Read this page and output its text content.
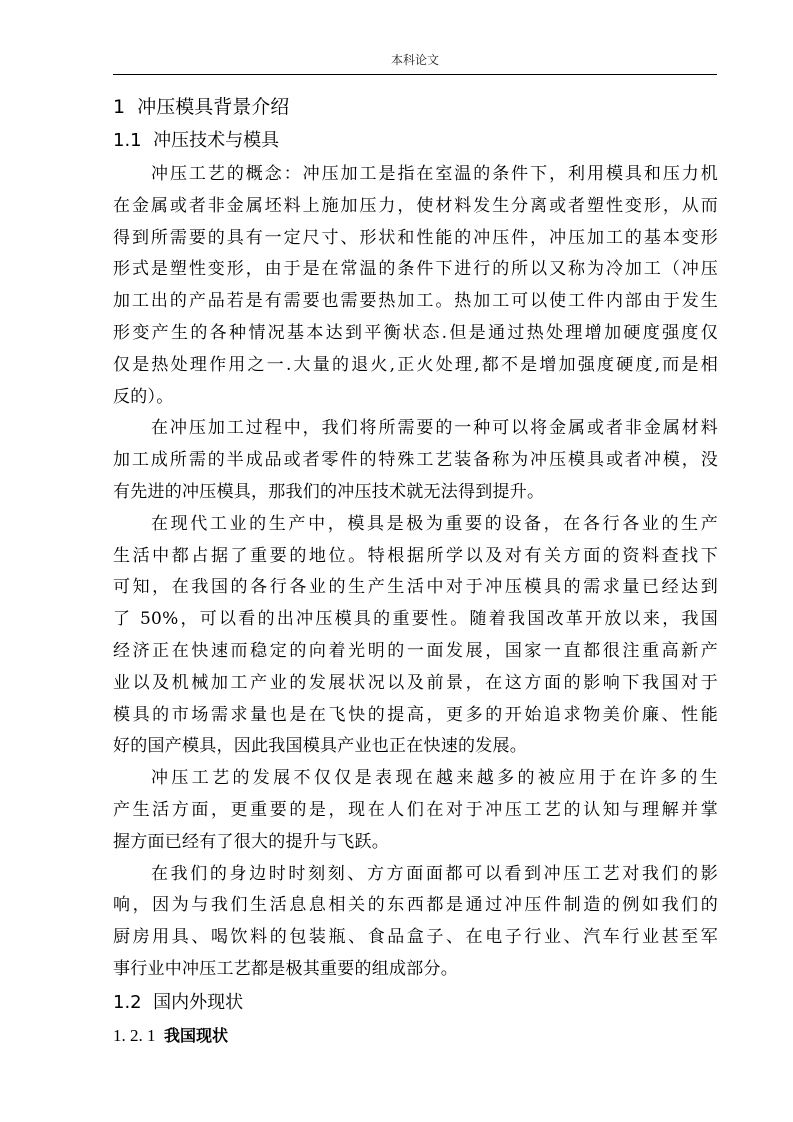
本科论文
1 冲压模具背景介绍
1.1 冲压技术与模具
冲压工艺的概念：冲压加工是指在室温的条件下，利用模具和压力机
在金属或者非金属坯料上施加压力，使材料发生分离或者塑性变形，从而
得到所需要的具有一定尺寸、形状和性能的冲压件，冲压加工的基本变形
形式是塑性变形，由于是在常温的条件下进行的所以又称为冷加工（冲压
加工出的产品若是有需要也需要热加工。热加工可以使工件内部由于发生
形变产生的各种情况基本达到平衡状态.但是通过热处理增加硬度强度仅
仅是热处理作用之一.大量的退火,正火处理,都不是增加强度硬度,而是相
反的）。
在冲压加工过程中，我们将所需要的一种可以将金属或者非金属材料
加工成所需的半成品或者零件的特殊工艺装备称为冲压模具或者冲模，没
有先进的冲压模具，那我们的冲压技术就无法得到提升。
在现代工业的生产中，模具是极为重要的设备，在各行各业的生产
生活中都占据了重要的地位。特根据所学以及对有关方面的资料查找下
可知，在我国的各行各业的生产生活中对于冲压模具的需求量已经达到
了 50%，可以看的出冲压模具的重要性。随着我国改革开放以来，我国
经济正在快速而稳定的向着光明的一面发展，国家一直都很注重高新产
业以及机械加工产业的发展状况以及前景，在这方面的影响下我国对于
模具的市场需求量也是在飞快的提高，更多的开始追求物美价廉、性能
好的国产模具，因此我国模具产业也正在快速的发展。
冲压工艺的发展不仅仅是表现在越来越多的被应用于在许多的生
产生活方面，更重要的是，现在人们在对于冲压工艺的认知与理解并掌
握方面已经有了很大的提升与飞跃。
在我们的身边时时刻刻、方方面面都可以看到冲压工艺对我们的影
响，因为与我们生活息息相关的东西都是通过冲压件制造的例如我们的
厨房用具、喝饮料的包装瓶、食品盒子、在电子行业、汽车行业甚至军
事行业中冲压工艺都是极其重要的组成部分。
1.2 国内外现状
1. 2. 1 我国现状
